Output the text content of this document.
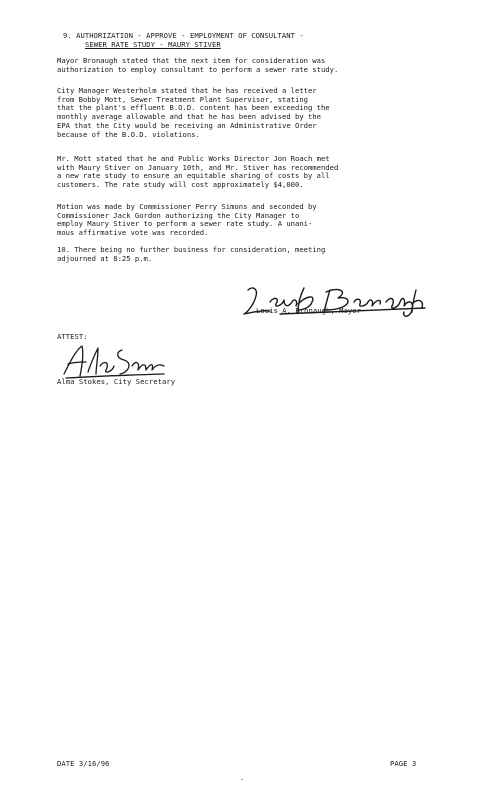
9. AUTHORIZATION - APPROVE - EMPLOYMENT OF CONSULTANT -
SEWER RATE STUDY - MAURY STIVER
Mayor Bronaugh stated that the next item for consideration was
authorization to employ consultant to perform a sewer rate study.
City Manager Westerholm stated that he has received a letter
from Bobby Mott, Sewer Treatment Plant Supervisor, stating
that the plant's effluent B.O.D. content has been exceeding the
monthly average allowable and that he has been advised by the
EPA that the City would be receiving an Administrative Order
because of the B.O.D. violations.
Mr. Mott stated that he and Public Works Director Jon Roach met
with Maury Stiver on January 10th, and Mr. Stiver has recommended
a new rate study to ensure an equitable sharing of costs by all
customers. The rate study will cost approximately $4,000.
Motion was made by Commissioner Perry Simons and seconded by
Commissioner Jack Gordon authorizing the City Manager to
employ Maury Stiver to perform a sewer rate study. A unani-
mous affirmative vote was recorded.
10. There being no further business for consideration, meeting
adjourned at 8:25 p.m.
Louis A. Bronaugh, Mayor
ATTEST:
Alma Stokes, City Secretary
DATE 3/16/96
.
PAGE 3
